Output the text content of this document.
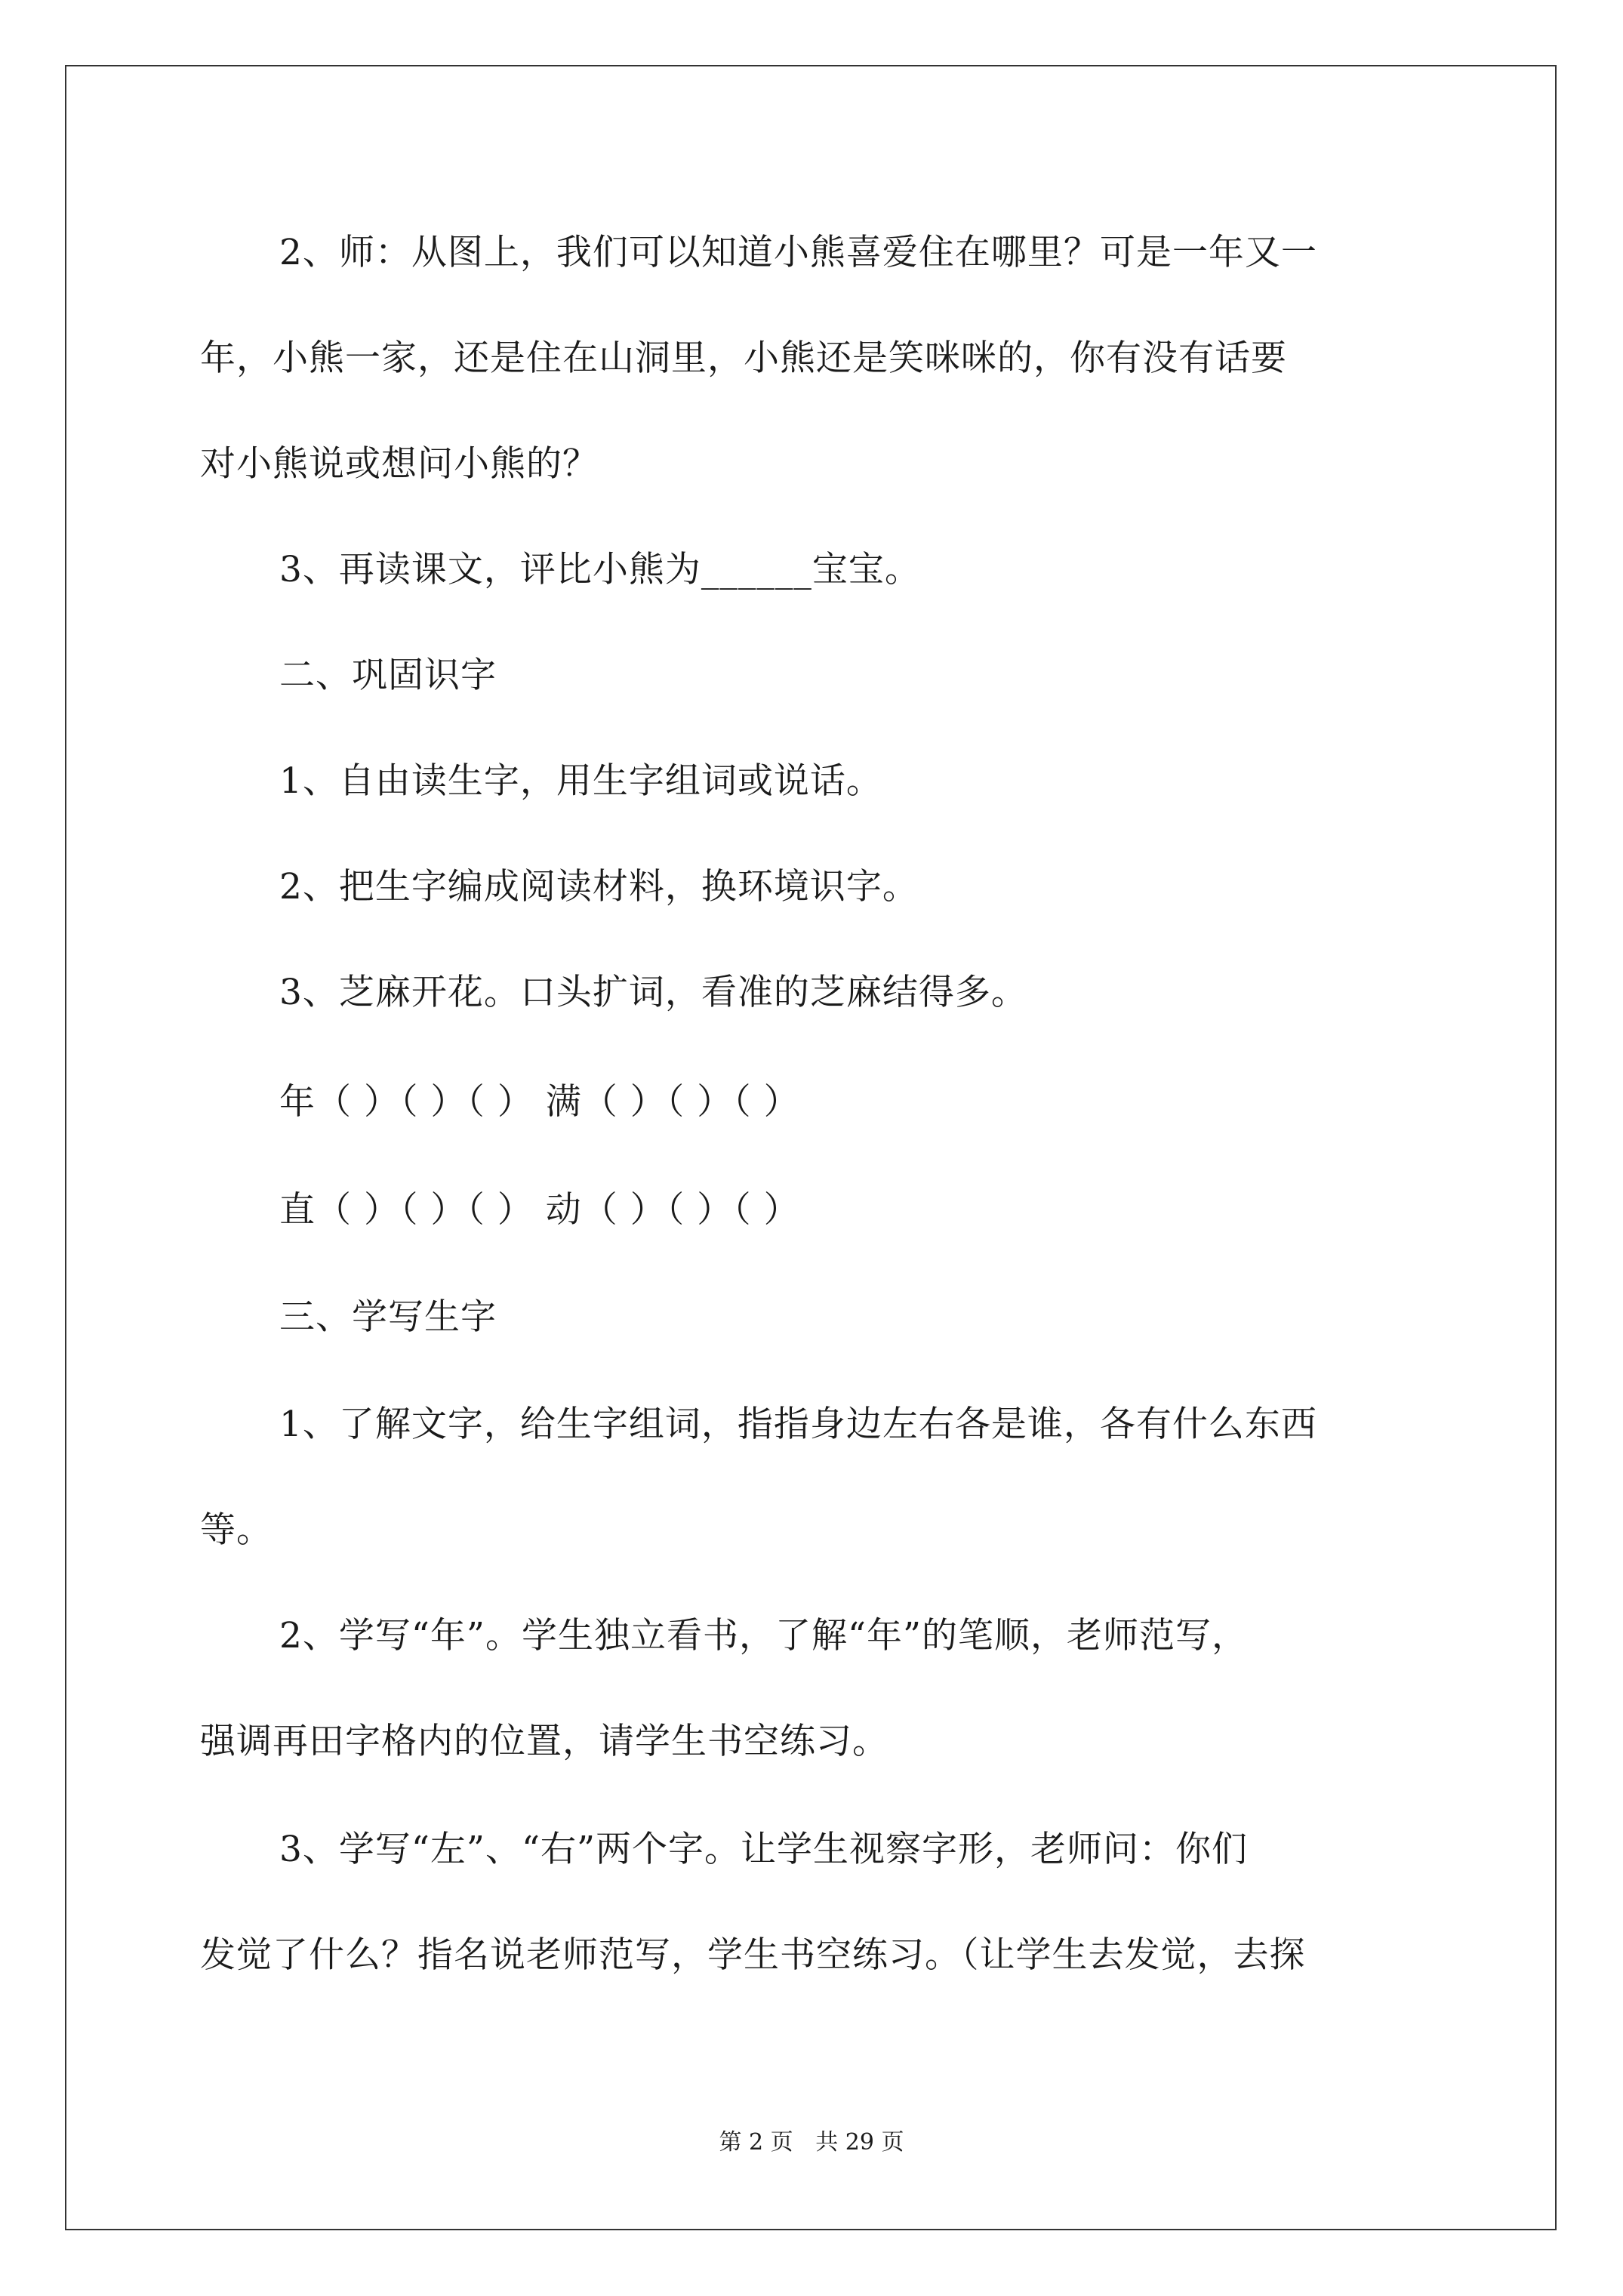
2、师：从图上，我们可以知道小熊喜爱住在哪里？可是一年又一
年，小熊一家，还是住在山洞里，小熊还是笑咪咪的，你有没有话要
对小熊说或想问小熊的？
3、再读课文，评比小熊为______宝宝。
二、巩固识字
1、自由读生字，用生字组词或说话。
2、把生字编成阅读材料，换环境识字。
3、芝麻开花。口头扩词，看准的芝麻结得多。
年（ ）（ ）（ ） 满（ ）（ ）（ ）
直（ ）（ ）（ ） 动（ ）（ ）（ ）
三、学写生字
1、了解文字，给生字组词，指指身边左右各是谁，各有什么东西
等。
2、学写“年”。学生独立看书，了解“年”的笔顺，老师范写，
强调再田字格内的位置，请学生书空练习。
3、学写“左”、“右”两个字。让学生视察字形，老师问：你们
发觉了什么？指名说老师范写，学生书空练习。（让学生去发觉，去探
第 2 页 共 29 页
